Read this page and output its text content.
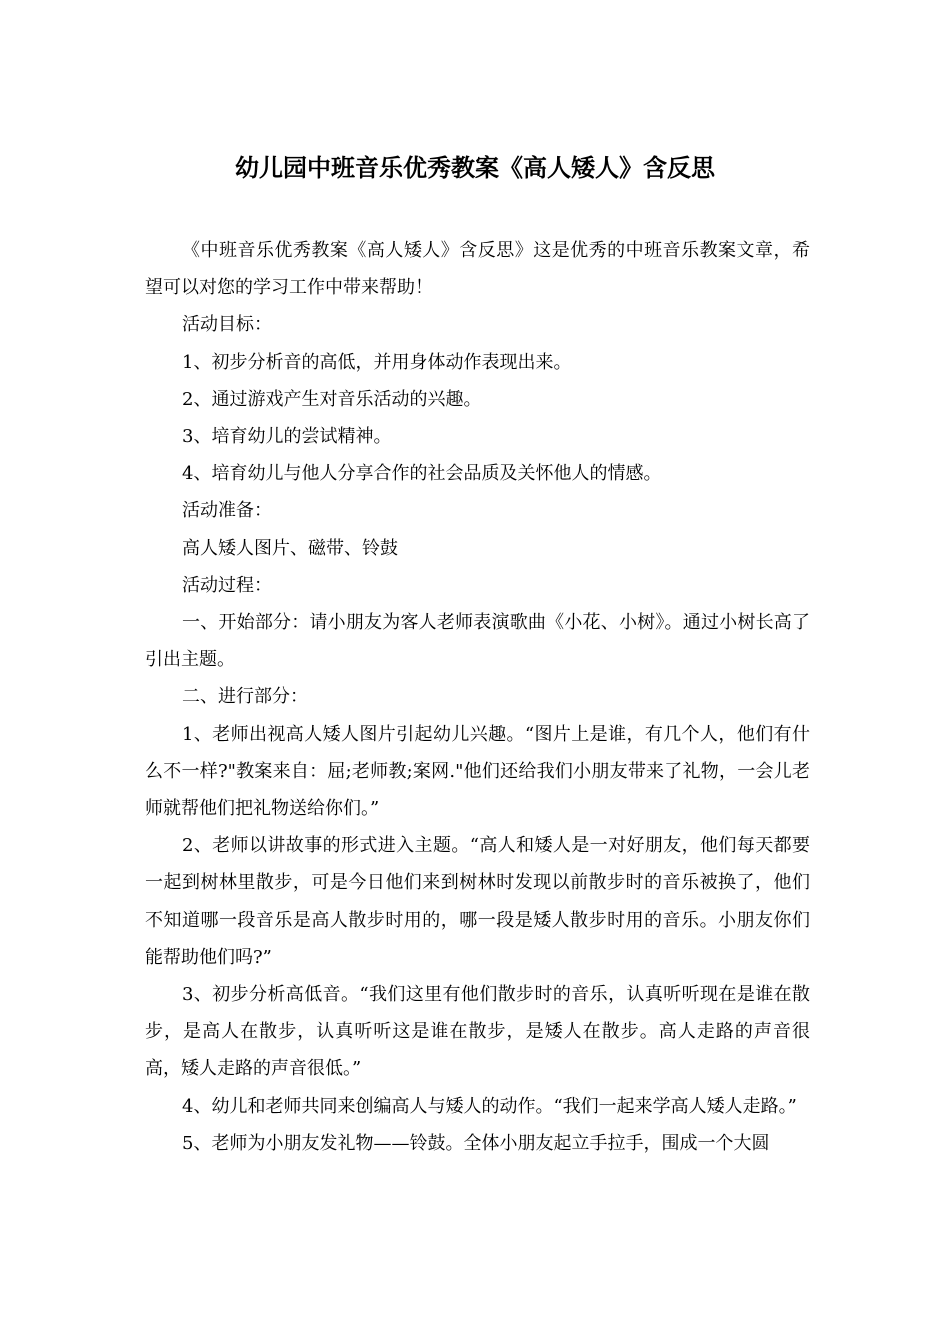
幼儿园中班音乐优秀教案《高人矮人》含反思

《中班音乐优秀教案《高人矮人》含反思》这是优秀的中班音乐教案文章，希望可以对您的学习工作中带来帮助！

活动目标：

1、初步分析音的高低，并用身体动作表现出来。

2、通过游戏产生对音乐活动的兴趣。

3、培育幼儿的尝试精神。

4、培育幼儿与他人分享合作的社会品质及关怀他人的情感。

活动准备：

高人矮人图片、磁带、铃鼓

活动过程：

一、开始部分：请小朋友为客人老师表演歌曲《小花、小树》。通过小树长高了引出主题。

二、进行部分：

1、老师出视高人矮人图片引起幼儿兴趣。“图片上是谁，有几个人，他们有什么不一样?"教案来自：屈;老师教;案网."他们还给我们小朋友带来了礼物，一会儿老师就帮他们把礼物送给你们。”

2、老师以讲故事的形式进入主题。“高人和矮人是一对好朋友，他们每天都要一起到树林里散步，可是今日他们来到树林时发现以前散步时的音乐被换了，他们不知道哪一段音乐是高人散步时用的，哪一段是矮人散步时用的音乐。小朋友你们能帮助他们吗?”

3、初步分析高低音。“我们这里有他们散步时的音乐，认真听听现在是谁在散步，是高人在散步，认真听听这是谁在散步，是矮人在散步。高人走路的声音很高，矮人走路的声音很低。”

4、幼儿和老师共同来创编高人与矮人的动作。“我们一起来学高人矮人走路。”

5、老师为小朋友发礼物——铃鼓。全体小朋友起立手拉手，围成一个大圆
